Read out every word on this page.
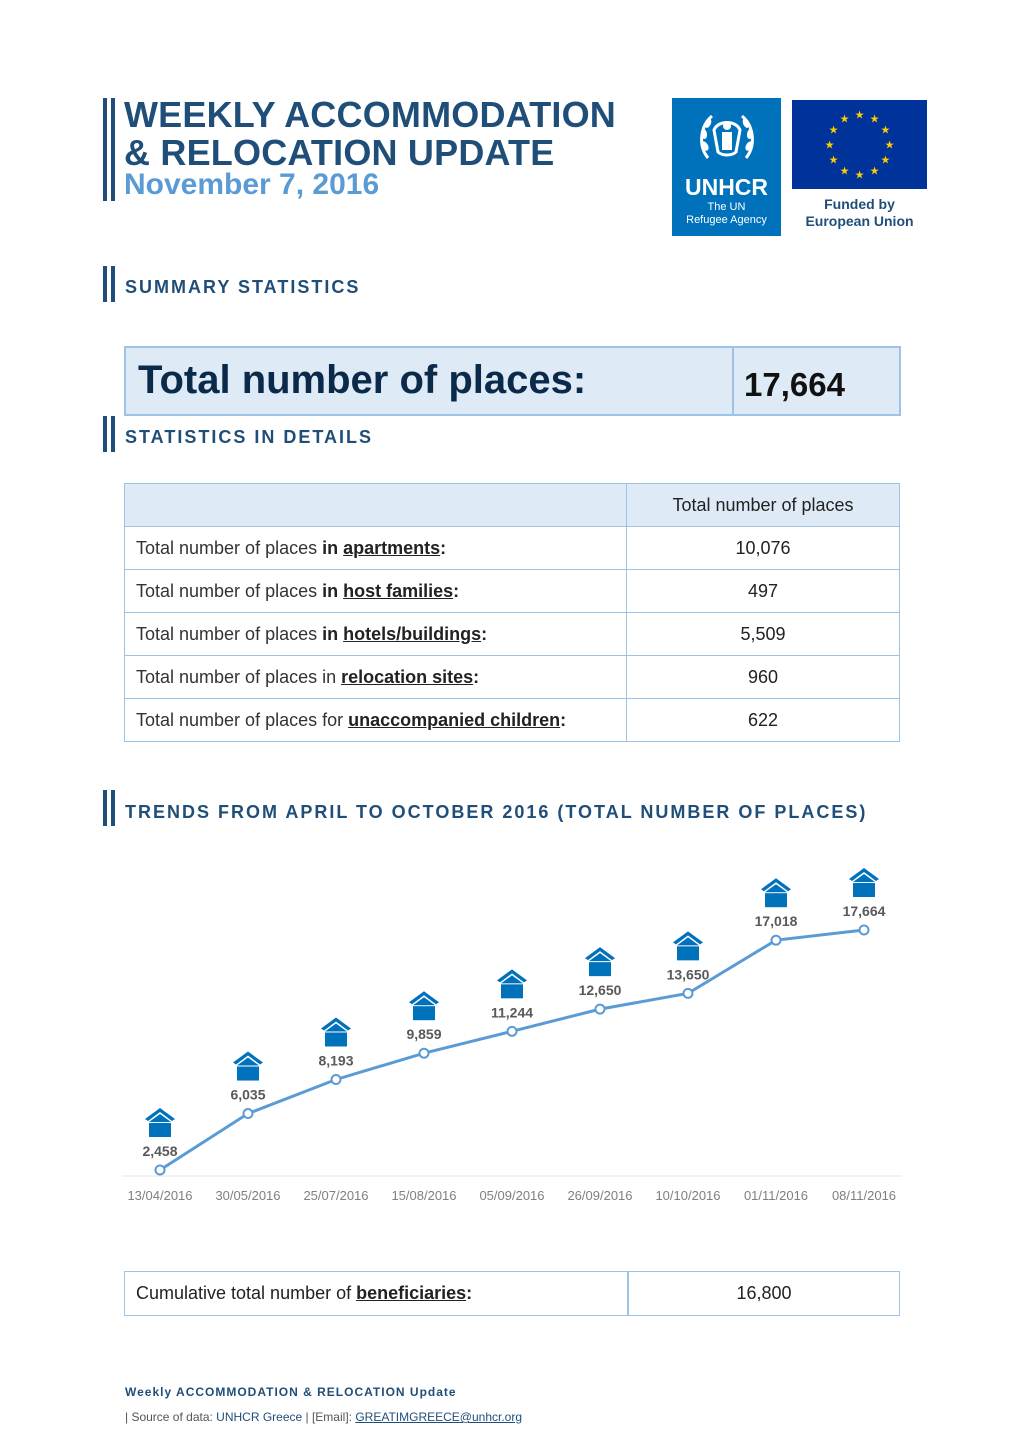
WEEKLY ACCOMMODATION
& RELOCATION UPDATE
November 7, 2016	UNHCR
The UN
Refugee Agency
★ ★
★
★
★
★
★
★
★
★
★
★
Funded by
European Union
SUMMARY STATISTICS
Total number of places:	17,664
STATISTICS IN DETAILS
	Total number of places
Total number of places in apartments:	10,076
Total number of places in host families:	497
Total number of places in hotels/buildings:	5,509
Total number of places in relocation sites:	960
Total number of places for unaccompanied children:	622
TRENDS FROM APRIL TO OCTOBER 2016 (TOTAL NUMBER OF PLACES)
2,458
13/04/2016
6,035
30/05/2016
8,193
25/07/2016
9,859
15/08/2016
11,244
05/09/2016
12,650
26/09/2016
13,650
10/10/2016
17,018
01/11/2016
17,664
08/11/2016
Cumulative total number of beneficiaries:	16,800
Weekly ACCOMMODATION & RELOCATION Update
| Source of data: UNHCR Greece | [Email]: GREATIMGREECE@unhcr.org
